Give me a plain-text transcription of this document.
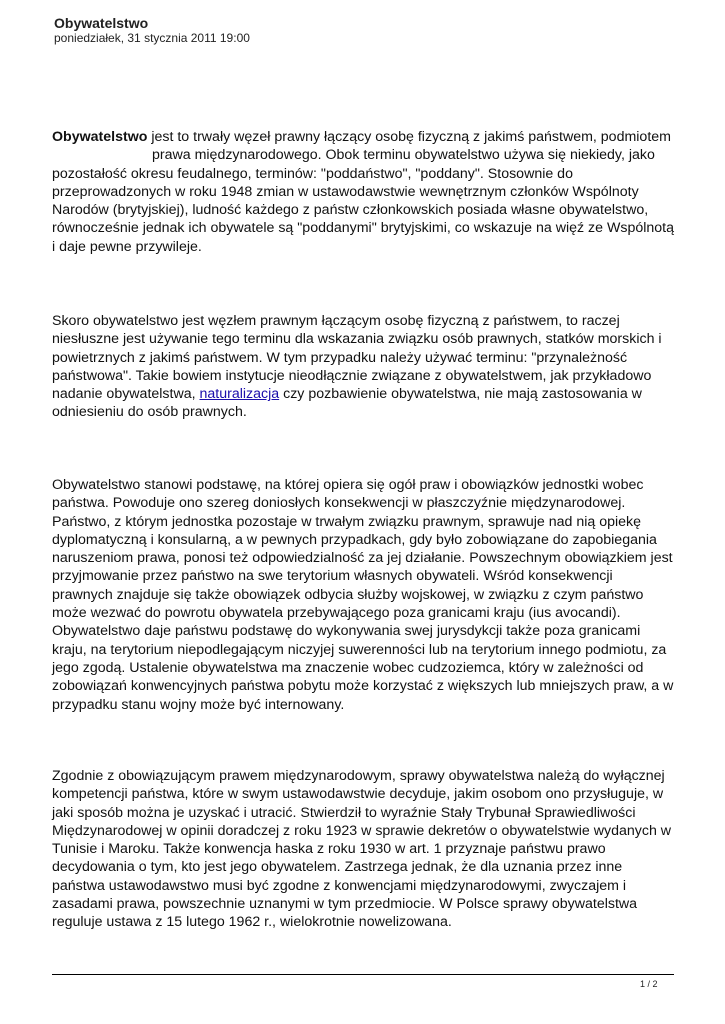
Obywatelstwo
poniedziałek, 31 stycznia 2011 19:00

Obywatelstwo jest to trwały węzeł prawny łączący osobę fizyczną z jakimś państwem, podmiotemprawa międzynarodowego. Obok terminu obywatelstwo używa się niekiedy, jako pozostałość okresu feudalnego, terminów: "poddaństwo", "poddany". Stosownie do przeprowadzonych w roku 1948 zmian w ustawodawstwie wewnętrznym członków Wspólnoty Narodów (brytyjskiej), ludność każdego z państw członkowskich posiada własne obywatelstwo, równocześnie jednak ich obywatele są "poddanymi" brytyjskimi, co wskazuje na więź ze Wspólnotą i daje pewne przywileje.

Skoro obywatelstwo jest węzłem prawnym łączącym osobę fizyczną z państwem, to raczej niesłuszne jest używanie tego terminu dla wskazania związku osób prawnych, statków morskich i powietrznych z jakimś państwem. W tym przypadku należy używać terminu: "przynależność państwowa". Takie bowiem instytucje nieodłącznie związane z obywatelstwem, jak przykładowo nadanie obywatelstwa, naturalizacja czy pozbawienie obywatelstwa, nie mają zastosowania w odniesieniu do osób prawnych.

Obywatelstwo stanowi podstawę, na której opiera się ogół praw i obowiązków jednostki wobec państwa. Powoduje ono szereg doniosłych konsekwencji w płaszczyźnie międzynarodowej. Państwo, z którym jednostka pozostaje w trwałym związku prawnym, sprawuje nad nią opiekę dyplomatyczną i konsularną, a w pewnych przypadkach, gdy było zobowiązane do zapobiegania naruszeniom prawa, ponosi też odpowiedzialność za jej działanie. Powszechnym obowiązkiem jest przyjmowanie przez państwo na swe terytorium własnych obywateli. Wśród konsekwencji prawnych znajduje się także obowiązek odbycia służby wojskowej, w związku z czym państwo może wezwać do powrotu obywatela przebywającego poza granicami kraju (ius avocandi). Obywatelstwo daje państwu podstawę do wykonywania swej jurysdykcji także poza granicami kraju, na terytorium niepodlegającym niczyjej suwerenności lub na terytorium innego podmiotu, za jego zgodą. Ustalenie obywatelstwa ma znaczenie wobec cudzoziemca, który w zależności od zobowiązań konwencyjnych państwa pobytu może korzystać z większych lub mniejszych praw, a w przypadku stanu wojny może być internowany.

Zgodnie z obowiązującym prawem międzynarodowym, sprawy obywatelstwa należą do wyłącznej kompetencji państwa, które w swym ustawodawstwie decyduje, jakim osobom ono przysługuje, w jaki sposób można je uzyskać i utracić. Stwierdził to wyraźnie Stały Trybunał Sprawiedliwości Międzynarodowej w opinii doradczej z roku 1923 w sprawie dekretów o obywatelstwie wydanych w Tunisie i Maroku. Także konwencja haska z roku 1930 w art. 1 przyznaje państwu prawo decydowania o tym, kto jest jego obywatelem. Zastrzega jednak, że dla uznania przez inne państwa ustawodawstwo musi być zgodne z konwencjami międzynarodowymi, zwyczajem i zasadami prawa, powszechnie uznanymi w tym przedmiocie. W Polsce sprawy obywatelstwa reguluje ustawa z 15 lutego 1962 r., wielokrotnie nowelizowana.

1 / 2
